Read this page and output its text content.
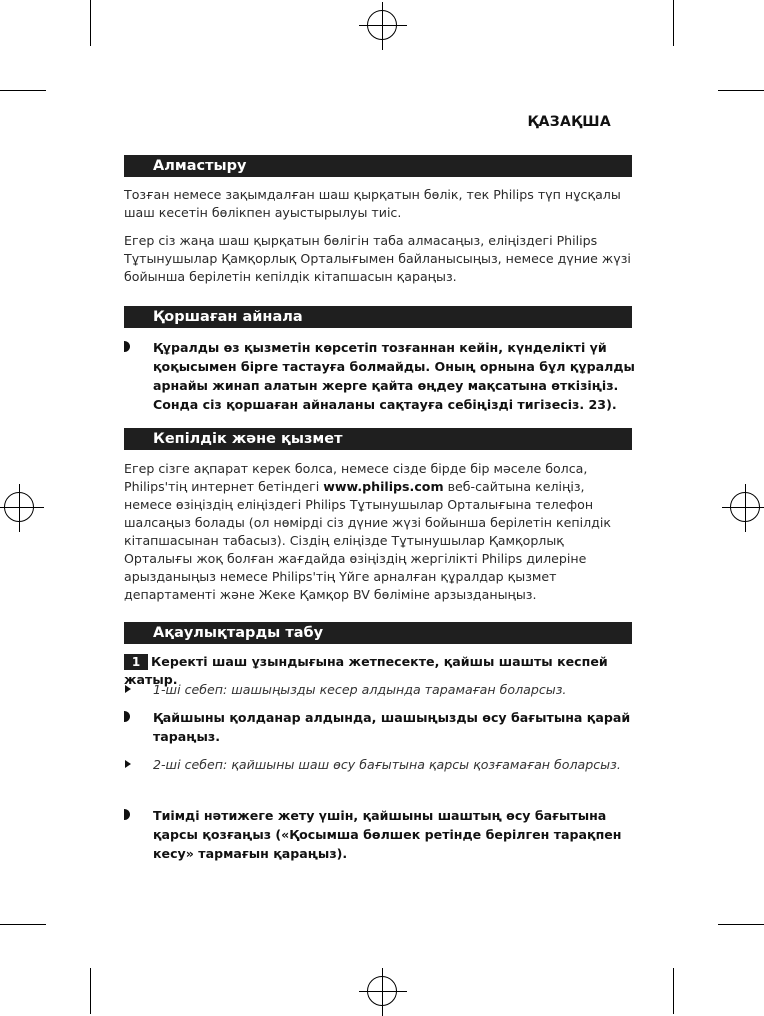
ҚАЗАҚША
Алмастыру

Тозған немесе зақымдалған шаш қырқатын бөлік, тек Philips түп нұсқалы шаш кесетін бөлікпен ауыстырылуы тиіс.

Егер сіз жаңа шаш қырқатын бөлігін таба алмасаңыз, еліңіздегі Philips Тұтынушылар Қамқорлық Орталығымен байланысыңыз, немесе дүние жүзі бойынша берілетін кепілдік кітапшасын қараңыз.

Қоршаған айнала
Құралды өз қызметін көрсетіп тозғаннан кейін, күнделікті үй қоқысымен бірге тастауға болмайды. Оның орнына бұл құралды арнайы жинап алатын жерге қайта өңдеу мақсатына өткізіңіз. Сонда сіз қоршаған айналаны сақтауға себіңізді тигізесіз. 23).
Кепілдік және қызмет

Егер сізге ақпарат керек болса, немесе сізде бірде бір мәселе болса, Philips'тің интернет бетіндегі www.philips.com веб-сайтына келіңіз, немесе өзіңіздің еліңіздегі Philips Тұтынушылар Орталығына телефон шалсаңыз болады (ол нөмірді сіз дүние жүзі бойынша берілетін кепілдік кітапшасынан табасыз). Сіздің еліңізде Тұтынушылар Қамқорлық Орталығы жоқ болған жағдайда өзіңіздің жергілікті Philips дилеріне арызданыңыз немесе Philips'тің Үйге арналған құралдар қызмет департаменті және Жеке Қамқор BV бөліміне арзызданыңыз.

Ақаулықтарды табу
1 Керекті шаш ұзындығына жетпесекте, қайшы шашты кеспей жатыр.
1-ші себеп: шашыңызды кесер алдында тарамаған боларсыз.
Қайшыны қолданар алдында, шашыңызды өсу бағытына қарай тараңыз.
2-ші себеп: қайшыны шаш өсу бағытына қарсы қозғамаған боларсыз.
Тиімді нәтижеге жету үшін, қайшыны шаштың өсу бағытына қарсы қозғаңыз («Қосымша бөлшек ретінде берілген тарақпен кесу» тармағын қараңыз).
